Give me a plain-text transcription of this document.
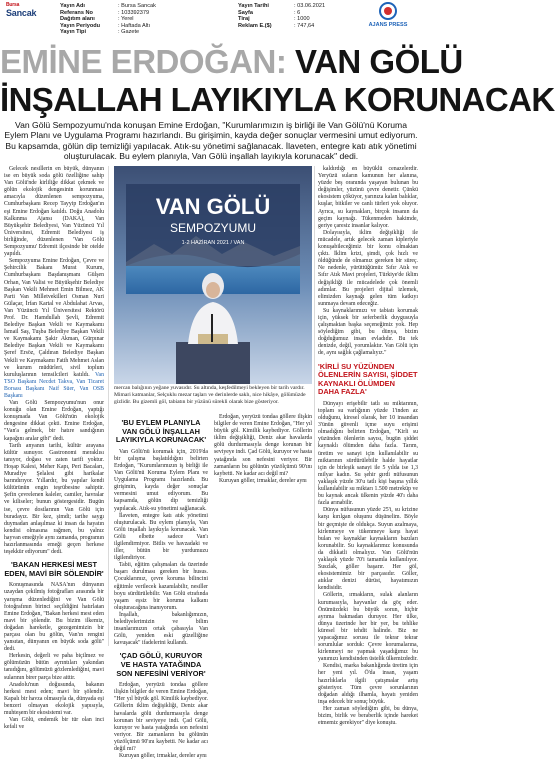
Bursa
Sancak
Yayın Adı	: Bursa Sancak
Referans No	: 103392379
Dağıtım alanı	: Yerel
Yayın Periyodu	: Haftada Altı
Yayın Tipi	: Gazete
Yayın Tarihi	: 03.06.2021
Sayfa	: 6
Tiraj	: 1000
Reklam E.($)	: 747,64	AJANS PRESS
EMİNE ERDOĞAN: VAN GÖLÜ
İNŞALLAH LAYIKIYLA KORUNACAK
Van Gölü Sempozyumu'nda konuşan Emine Erdoğan, "Kurumlarımızın iş birliği ile Van Gölü'nü Koruma Eylem Planı ve Uygulama Programı hazırlandı. Bu girişimin, kayda değer sonuçlar vermesini umut ediyorum. Bu kapsamda, gölün dip temizliği yapılacak. Atık-su yönetimi sağlanacak. İlaveten, entegre katı atık yönetimi oluşturulacak. Bu eylem planıyla, Van Gölü inşallah layıkıyla korunacak" dedi.

Gelecek nesillerin en büyük, dünyanın ise en büyük soda gölü özelliğine sahip Van Gölü'nde kirliliğe dikkat çekmek ve gölün ekolojik dengesinin korunması amacıyla düzenlenen sempozyuma, Cumhurbaşkanı Recep Tayyip Erdoğan'ın eşi Emine Erdoğan katıldı. Doğu Anadolu Kalkınma Ajansı (DAKA), Van Büyükşehir Belediyesi, Van Yüzüncü Yıl Üniversitesi, Edremit Belediyesi iş birliğinde, düzenlenen 'Van Gölü Sempozyumu' Edremit ilçesinde bir otelde yapıldı.

Sempozyuma Emine Erdoğan, Çevre ve Şehircilik Bakanı Murat Kurum, Cumhurbaşkanı Başdanışmanı Gülşen Orhan, Van Valisi ve Büyükşehir Belediye Başkan Vekili Mehmet Emin Bilmez, AK Parti Van Milletvekilleri Osman Nuri Gülaçar, İrfan Kartal ve Abdulahat Arvas, Van Yüzüncü Yıl Üniversitesi Rektörü Prof. Dr. Hamdullah Şevli, Edremit Belediye Başkan Vekili ve Kaymakamı İsmail Saş, Tuşba Belediye Başkan Vekili ve Kaymakamı Şakir Akman, Gürpınar Belediye Başkan Vekili ve Kaymakamı Şeref Ersöz, Çaldıran Belediye Başkan Vekili ve Kaymakamı Fatih Mehmet Aslan ve kurum müdürleri, sivil toplum kuruluşlarının temsilcileri katıldı. Van TSO Başkanı Necdet Takva, Van Ticaret Borsası Başkanı Naif Süer, Van OSB Başkanı

Van Gölü Sempozyumu'nun onur konuğu olan Emine Erdoğan, yaptığı konuşmada Van Gölü'nün ekolojik dengesine dikkat çekti. Emine Erdoğan, "Van'a gelmek, bir hatıre sandığının kapağını aralar gibi" dedi.

Tarih anyanın tarihi, kültür arayana kültür sunuyor. Gastronomi meraklısı tanıyor, doğası ve zaten tarifi yoktur. Hoşap Kalesi, Meher Kapı, Peri Bacaları, Muradiye Şelalesi gibi harikalar barındırıyor. Yıllardır, bu yapılar kendi kültürünün engin teşrübesine sahiptir. Şefin çevrelenen kaleler, camiler, havralar ve kiliseler; bunun göstergesidir. Bugün ise, çevre dostlarının Van Gölü için buradayız. Bir kez, şimdi; tarihe saygı duymadan anlaşılmaz ki insan da hayatın kendisi olmasına rağmen, bu yalnız hayvan emeğiyle aynı zamanda, programın hazırlanmasında emeği geçen herkese teşekkür ediyorum" dedi.

'BAKAN HERKESİ MEST EDEN, MAVİ BİR SÖLENDİR'

Konuşmasında NASA'nın dünyanın uzaydan çekilmiş fotoğrafları arasında bir yarışma düzenlediğini ve Van Gölü fotoğrafının birinci seçildiğini hatırlatan Emine Erdoğan, "Bakan herkesi mest eden mavi bir şölendir. Bu bizim ilkemiz, doğadan hareketle, gezegenimizin bir parçası olan bu gölün, Van'ın rengini yansıtan, dünyanın en büyük soda gölü" dedi.

Herkesin, değerli ve paha biçilmez ve gölümüzün bütün ayrıntıları yakından tanıdığını, gölümüzü gözlemlediğini, mavi sularının birer parça bize aittir.

Anadolu'nun doğusunda, bakanın herkesi mest eden; mavi bir şölendir. Kapalı bir havza olmasıyla da, dünyada eşi benzeri olmayan ekolojik yapısıyla, muhteşem bir ekosistemi var.

Van Gölü, endemik bir tür olan inci kefali ve

VAN GÖLÜ
SEMPOZYUMU
1-2 HAZİRAN 2021 / VAN
mercan balığının yeğane yuvasıdır. Su altında, keşfedilmeyi bekleyen bir tarih vardır. Mimari katmanlar, Selçuklu mezar taşları ve derinlerde saklı, nice hikâye, gölümüzde gizlidir. Bu gizemli göl, tabiatın bir yüzünü sürekli olarak bize gösteriyor.
'BU EYLEM PLANIYLA VAN GÖLÜ İNŞALLAH LAYIKIYLA KORUNACAK'

Van Gölü'nü korumak için, 2019'da bir çalışma başlatıldığını belirten Erdoğan, "Kurumlarımızın iş birliği ile Van Gölü'nü Koruma Eylem Planı ve Uygulama Programı hazırlandı. Bu girişimin, kayda değer sonuçlar vermesini umut ediyorum. Bu kapsamda, gölün dip temizliği yapılacak. Atık-su yönetimi sağlanacak.

İlaveten, entegre katı atık yönetimi oluşturulacak. Bu eylem planıyla, Van Gölü inşallah layıkıyla korunacak. Van Gölü elbette sadece Van'ı ilgilendirmiyor. Bitlis ve havzadaki ve iller, bütün bir yurdumuzu ilgilendiriyor.

Tabii, eğitim çalışmaları da üzerinde başarı durulması gereken bir husus. Çocuklarımız, çevre koruma bilincini eğitimle verilecek kazanılabilir, nesiller boyu sürdürülebilir. Van Gölü etrafında yaşam eşsiz bir koruma kalkanı oluşturacağına inanıyorum.

İnşallah, bakanlığımızın, belediyelerimizin ve bilim insanlarımızın ortak çabasıyla Van Gölü, yeniden eski güzelliğine kavuşacak" ifadelerini kullandı.

'ÇAD GÖLÜ, KURUYOR VE HASTA YATAĞINDA SON NEFESİNİ VERİYOR'

Erdoğan, yeryüzü tondaa göllere ilişkin bilgiler de veren Emine Erdoğan, "Her yıl büyük göl. Kimilik kaybediyor. Göllerin iklim değişikliği, Deniz akar havalarda gölü durdurmasıyla denge korunan bir seviyeye indi. Çad Gölü, kuruyor ve hasta yatağında son nefesini veriyor. Bir zamanların bu gölünün yüzölçümü 90'ını kaybetti. Ne kadar acı değil mi?

Kuruyan göller, irmaklar, dereler aynı

Erdoğan, yeryüzü tondaa göllere ilişkin bilgiler de veren Emine Erdoğan, "Her yıl büyük göl. Kimilik kaybediyor. Göllerin iklim değişikliği, Deniz akar havalarda gölü durdurmasıyla denge korunan bir seviyeye indi. Çad Gölü, kuruyor ve hasta yatağında son nefesini veriyor. Bir zamanların bu gölünün yüzölçümü 90'ını kaybetti. Ne kadar acı değil mi?

Kuruyan göller, irmaklar, dereler aynı

kaldırdığı en büyüklü cenazelerdir. Yeryüzü suların kamunun her alanına, yüzde beş oranında yaşayan bulunan bu değişimler, yüzünü çevre denetir. Çünkü ekosistem çöküyor, yarınıza kalan balıklar, kuşlar, bitkiler ve canlı türleri yok oluyor. Ayrıca, su kaynakları, birçok insanın da geçim kaynağı. Tükenmeden hakimde, geriye çaresiz insanlar kalıyor.

Dolayısıyla, iklim değişikliği ile mücadele, artık gelecek zaman kipleriyle konuşabileceğimiz bir konu olmaktan çıktı. İklim krizi, şimdi, çok hızlı ve öldüğünde de olmamız gereken bir süreç. Ne nedenle, yürüttüğümüz Sıfır Atık ve Sıfır Atık Mavi projeleri, Türkiye'de iklim değişikliği ile mücadelede çok önemli adımlar. Bu projeleri dijital izlemek, elimizden kaynağı gelen tüm katkıyı sunmaya devam edeceğiz.

Su kaynaklarımızı ve tabiatı korumak için, yüksek bir seferberlik duygusuyla çalışmaktan başka seçeneğimiz yok. Hep söylediğim gibi, bu dünya, bizim doğduğumuz insan evladıdır. Bu tek denizde, değil, yorumlaktır. Van Gölü için de, aynı sağlık çağlamalıyız."

'KİRLİ SU YÜZÜNDEN ÖLENLERİN SAYISI, ŞİDDET KAYNAKLI ÖLÜMDEN DAHA FAZLA'

Dünyayı erişebilir tatlı su miktarının, toplam su varlığının yüzde 1'inden az olduğunu, kiresel olarak, her 10 insandan 3'ünün güvenli içme suyu erişimi olmadığını belirten Erdoğan, "Kirli su yüzünden ölenlerin sayısı, bugün şiddet kaynaklı ölümden daha fazla. Tarım, üretim ve sanayi için kullanılabilir su miktarının sürdürülebilir halde hayatlar için de birleşik sanayi ile 5 yılda ise 1,3 milyar kadın. Su şehir gırdi nüfusunun yaklaşık yüzde 30'u tatlı kişi başına yıllık kullanılabilir su miktarı 1.500 metreküp ve bu kaynak ancak ülkenin yüzde 40'ı daha fazla arınabilir.

Dünya nüfusunun yüzde 25'i, su krizine karşı kırılgan oluşunu düşünelim. Böyle bir geçmişte de oldukça. Suyun azalmaya, kirlenmeye ve tükenmeye karşı hayat bulan ve kaynaklar kaynakların bazıları korunabilir. Su kaynaklarımız konusunda da dikkatli olmalıyız. Van Gölü'nün yaklaşık yüzde 70'i tamamla kullanılıyor. Suszlak, göller başarır. Her göl, ekosistemimiz bir parçasıdır. Göller, atıklar denizi dürüst, hayatımızın kendisidir.

Göllerin, ırmakların, sulak alanların kurumasıyla, hayvanlar da göç eder. Önümüzdeki bu büyük sorun, hiçbir ayrıma bakmadan duruyor. Her ülke, dünya üzerinde her bir yer, bu tehlike küresel bir tehdit halinde. Biz ne yapacağımız sorusu ile tekrar tekrar sorumlular sorduk: Çevre korumalarına, kirlenmeyi ne yapmak yaşadığımız bu yanımızı kendisinden üstelik ülkemizdedir.

Kendisi, marka bakanlığında üretim için her yeni yıl. Ö'da insan, yaşam hazırlıklarla ilgili çatışmalar artış gösteriyor. Tüm çevre sorunlarının doğadan aldığı ilhamla, hayatı yeniden inşa edecek bir sonuç büyük.

Her zaman söylediğim gibi, bu dünya, bizim, birlik ve beraberlik içinde hareket etmemiz gerekiyor" diye konuştu.
